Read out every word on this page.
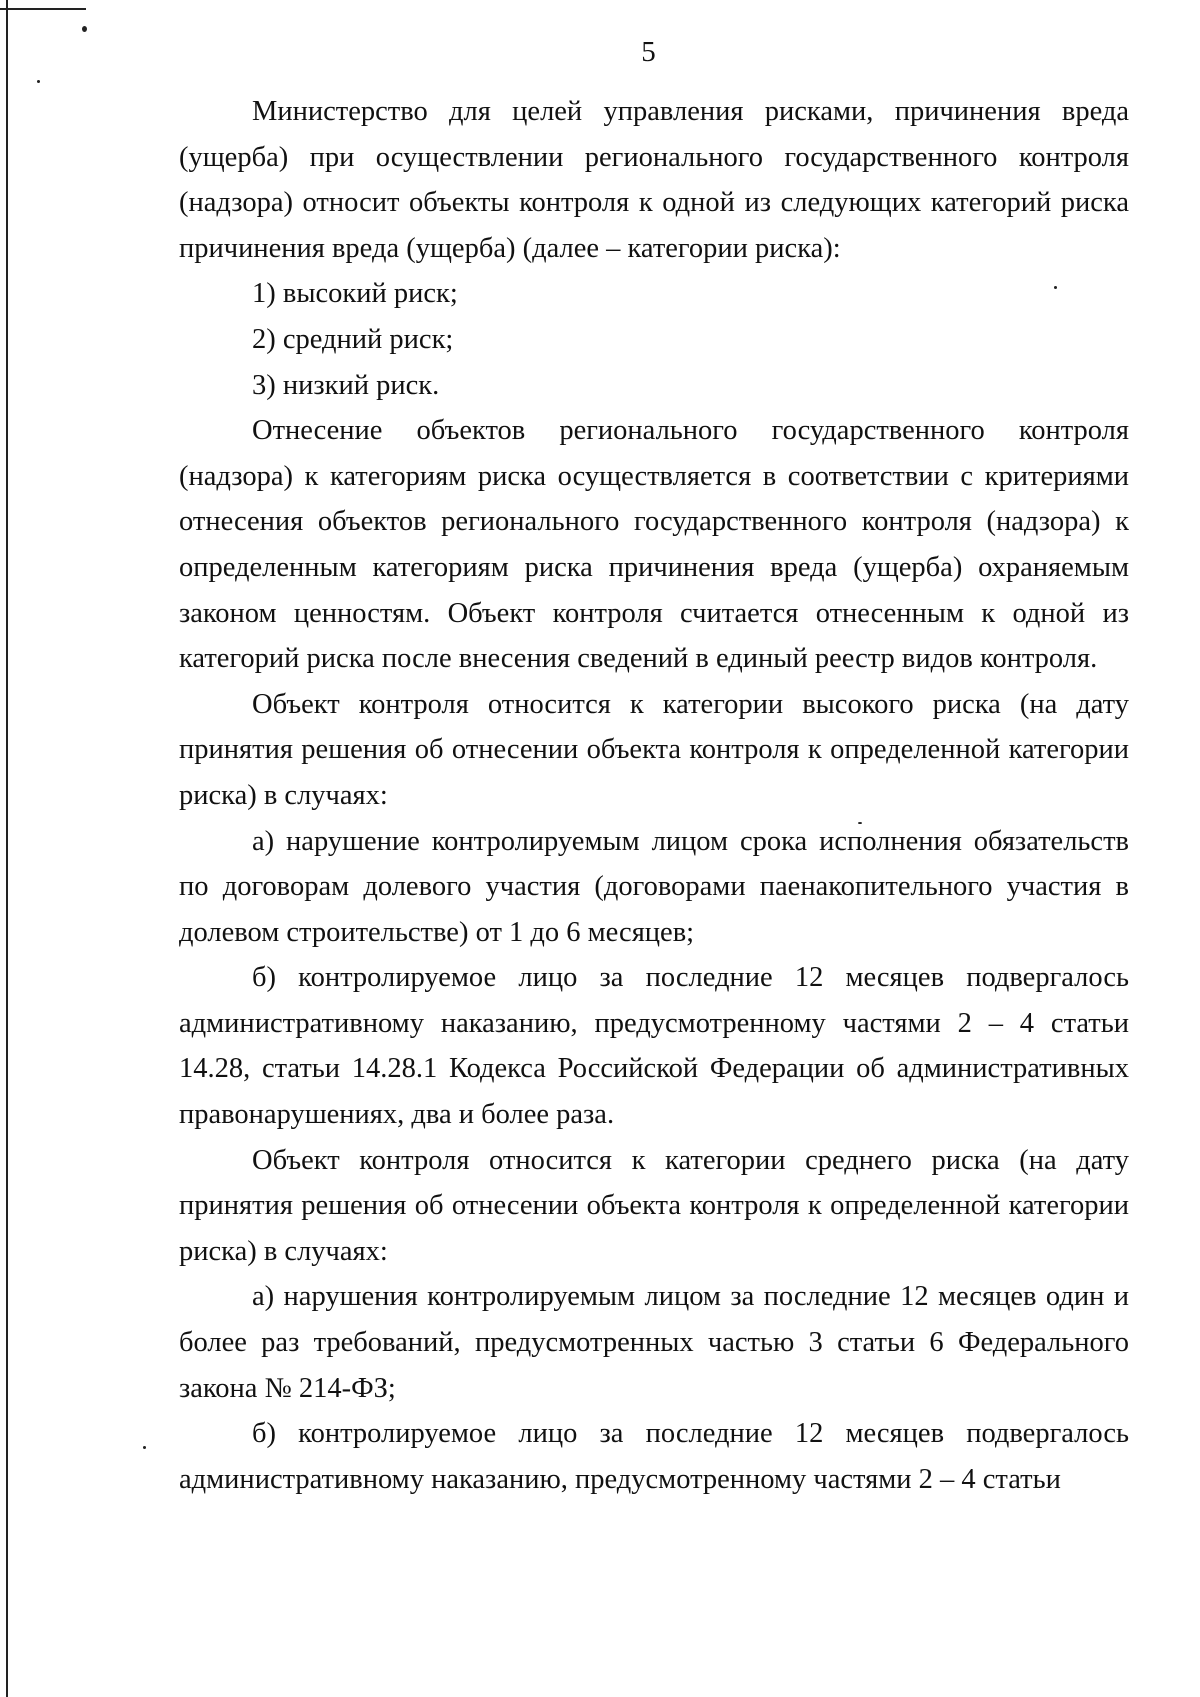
5

Министерство для целей управления рисками, причинения вреда (ущерба) при осуществлении регионального государственного контроля (надзора) относит объекты контроля к одной из следующих категорий риска причинения вреда (ущерба) (далее – категории риска):

1) высокий риск;

2) средний риск;

3) низкий риск.

Отнесение объектов регионального государственного контроля (надзора) к категориям риска осуществляется в соответствии с критериями отнесения объектов регионального государственного контроля (надзора) к определенным категориям риска причинения вреда (ущерба) охраняемым законом ценностям. Объект контроля считается отнесенным к одной из категорий риска после внесения сведений в единый реестр видов контроля.

Объект контроля относится к категории высокого риска (на дату принятия решения об отнесении объекта контроля к определенной категории риска) в случаях:

а) нарушение контролируемым лицом срока исполнения обязательств по договорам долевого участия (договорами паенакопительного участия в долевом строительстве) от 1 до 6 месяцев;

б) контролируемое лицо за последние 12 месяцев подвергалось административному наказанию, предусмотренному частями 2 – 4 статьи 14.28, статьи 14.28.1 Кодекса Российской Федерации об административных правонарушениях, два и более раза.

Объект контроля относится к категории среднего риска (на дату принятия решения об отнесении объекта контроля к определенной категории риска) в случаях:

а) нарушения контролируемым лицом за последние 12 месяцев один и более раз требований, предусмотренных частью 3 статьи 6 Федерального закона № 214-ФЗ;

б) контролируемое лицо за последние 12 месяцев подвергалось административному наказанию, предусмотренному частями 2 – 4 статьи
